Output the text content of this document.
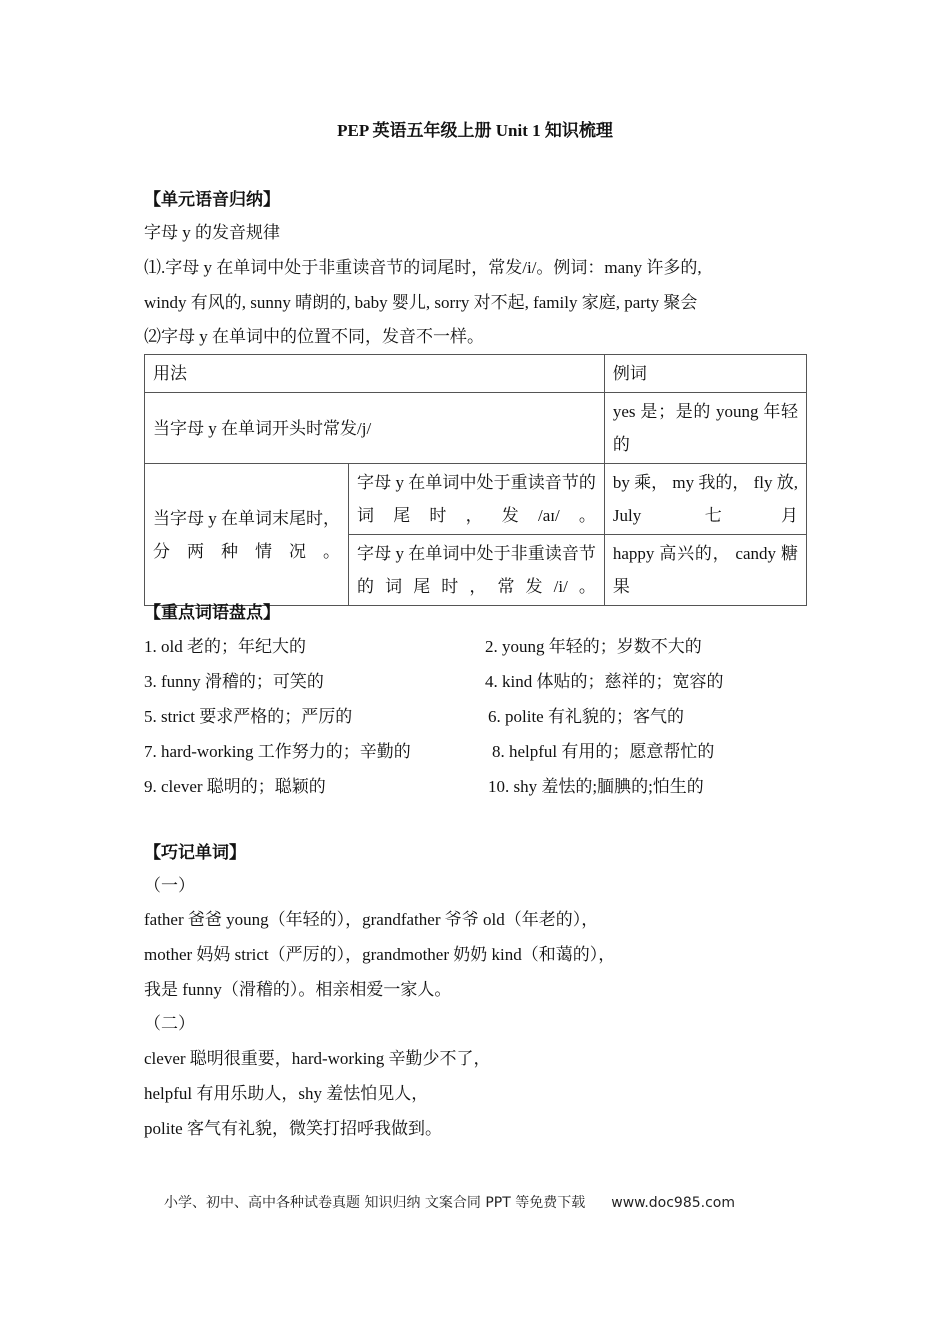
PEP 英语五年级上册 Unit 1 知识梳理
【单元语音归纳】
字母 y 的发音规律
⑴.字母 y 在单词中处于非重读音节的词尾时，常发/i/。例词：many 许多的,
windy 有风的, sunny 晴朗的, baby 婴儿, sorry 对不起, family 家庭, party 聚会
⑵字母 y 在单词中的位置不同，发音不一样。
用法		例词
当字母 y 在单词开头时常发/j/		yes 是；是的 young 年轻的
当字母 y 在单词末尾时，分两种情况。	字母 y 在单词中处于重读音节的词尾时，发/aɪ/。	by 乘， my 我的， fly 放, July 七月
	字母 y 在单词中处于非重读音节的词尾时，常发/i/。	happy 高兴的， candy 糖果
【重点词语盘点】
1. old 老的；年纪大的	2. young 年轻的；岁数不大的
3. funny 滑稽的；可笑的	4. kind 体贴的；慈祥的；宽容的
5. strict 要求严格的；严厉的	6. polite 有礼貌的；客气的
7. hard-working 工作努力的；辛勤的	8. helpful 有用的；愿意帮忙的
9. clever 聪明的；聪颖的	10. shy 羞怯的;腼腆的;怕生的
【巧记单词】
（一）
father 爸爸 young（年轻的），grandfather 爷爷 old（年老的），
mother 妈妈 strict（严厉的），grandmother 奶奶 kind（和蔼的），
我是 funny（滑稽的）。相亲相爱一家人。
（二）
clever 聪明很重要，hard-working 辛勤少不了，
helpful 有用乐助人，shy 羞怯怕见人，
polite 客气有礼貌，微笑打招呼我做到。
小学、初中、高中各种试卷真题 知识归纳 文案合同 PPT 等免费下载 www.doc985.com
